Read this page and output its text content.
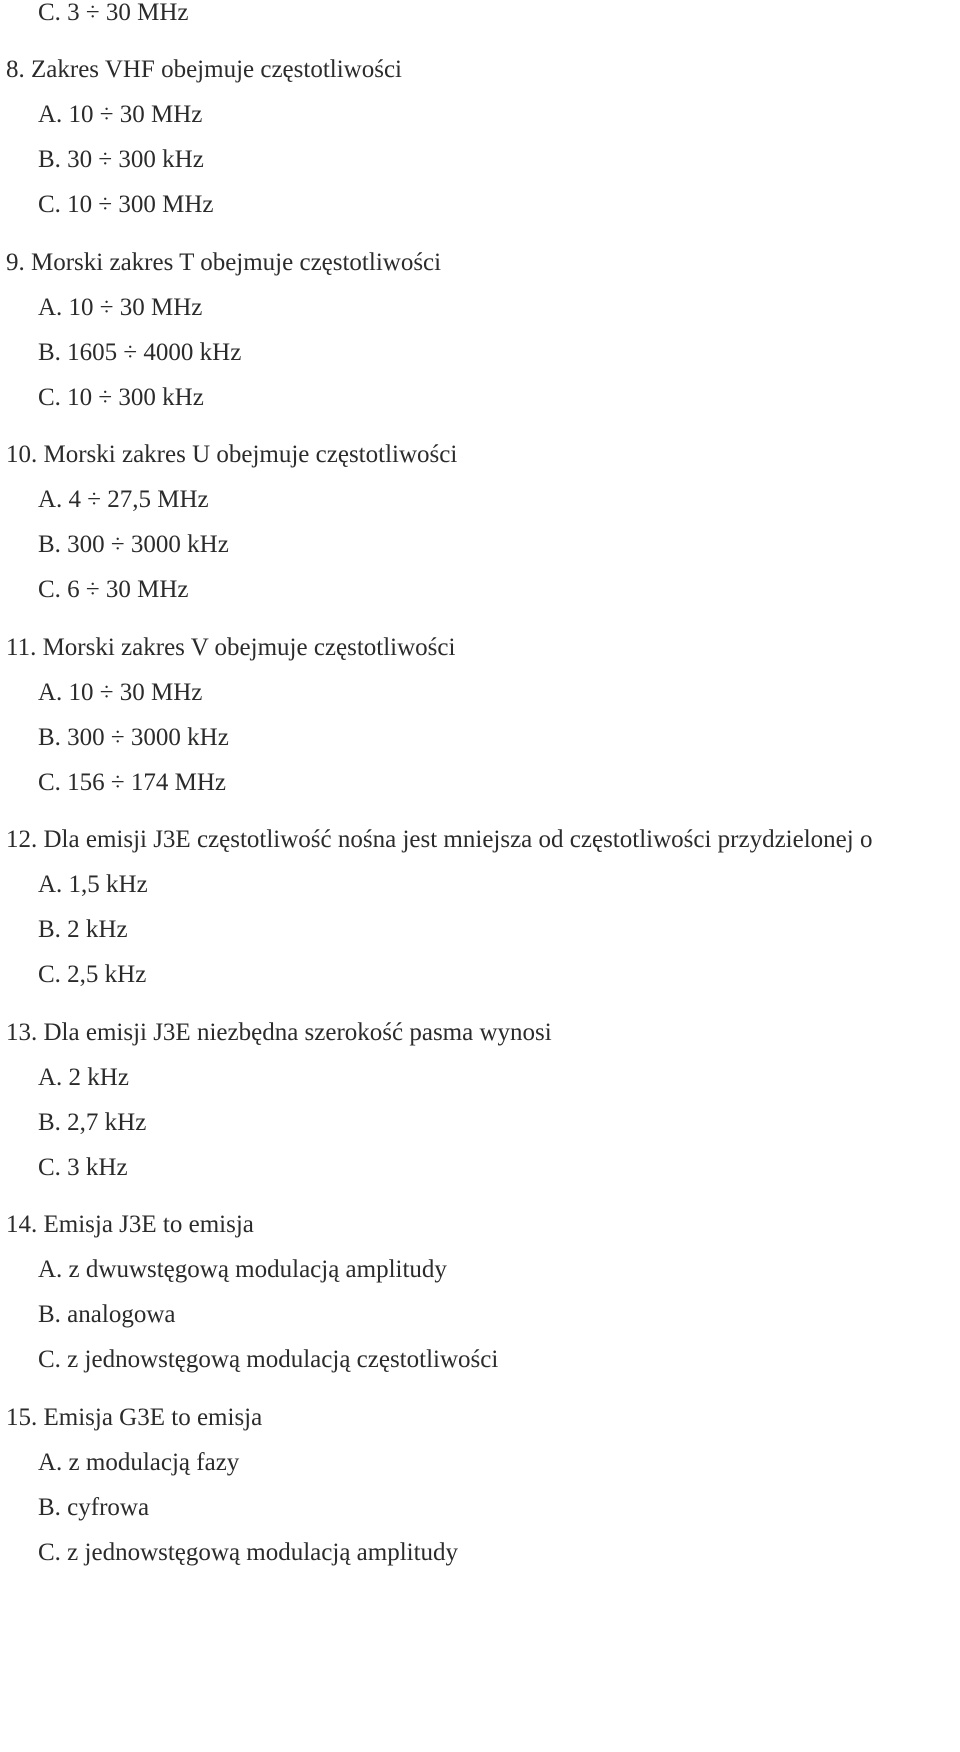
C. 3 ÷ 30 MHz
8. Zakres VHF obejmuje częstotliwości
A. 10 ÷ 30 MHz
B. 30 ÷ 300 kHz
C. 10 ÷ 300 MHz
9. Morski zakres T obejmuje częstotliwości
A. 10 ÷ 30 MHz
B. 1605 ÷ 4000 kHz
C. 10 ÷ 300 kHz
10. Morski zakres U obejmuje częstotliwości
A. 4 ÷ 27,5 MHz
B. 300 ÷ 3000 kHz
C. 6 ÷ 30 MHz
11. Morski zakres V obejmuje częstotliwości
A. 10 ÷ 30 MHz
B. 300 ÷ 3000 kHz
C. 156 ÷ 174 MHz
12. Dla emisji J3E częstotliwość nośna jest mniejsza od częstotliwości przydzielonej o
A. 1,5 kHz
B. 2 kHz
C. 2,5 kHz
13. Dla emisji J3E niezbędna szerokość pasma wynosi
A. 2 kHz
B. 2,7 kHz
C. 3 kHz
14. Emisja J3E to emisja
A. z dwuwstęgową modulacją amplitudy
B. analogowa
C. z jednowstęgową modulacją częstotliwości
15. Emisja G3E to emisja
A. z modulacją fazy
B. cyfrowa
C. z jednowstęgową modulacją amplitudy
